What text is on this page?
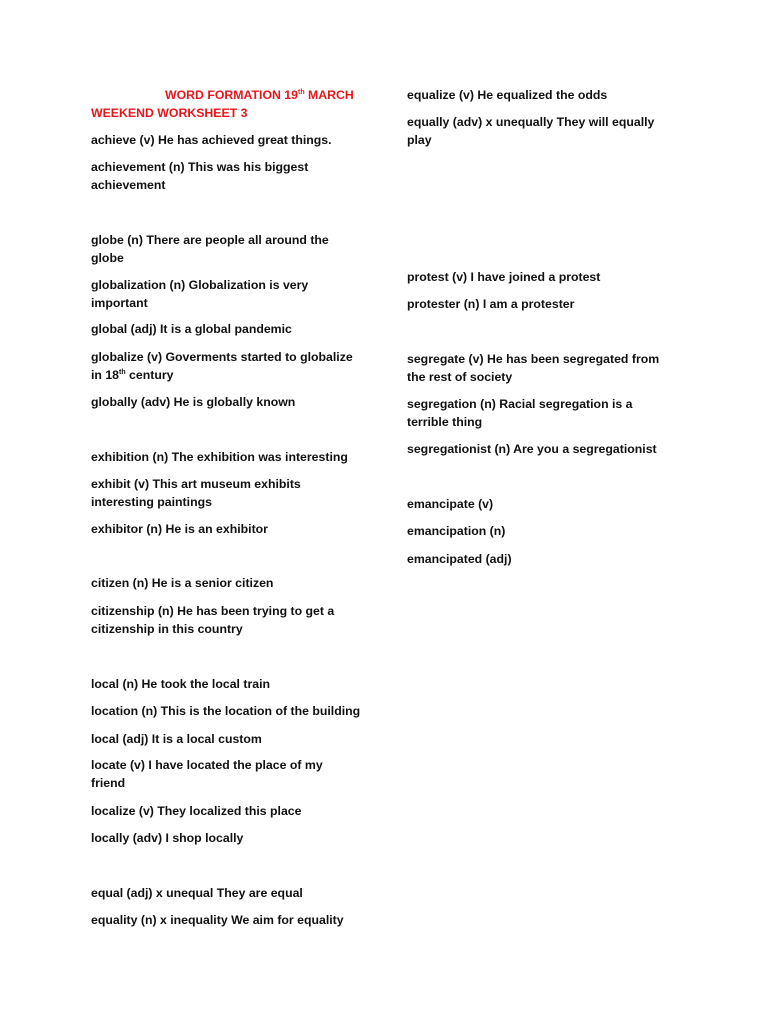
WORD FORMATION 19th MARCH
WEEKEND WORKSHEET 3
achieve (v) He has achieved great things.
achievement (n) This was his biggest achievement
globe (n) There are people all around the globe
globalization (n) Globalization is very important
global (adj) It is a global pandemic
globalize (v) Goverments started to globalize in 18th century
globally (adv) He is globally known
exhibition (n) The exhibition was interesting
exhibit (v) This art museum exhibits interesting paintings
exhibitor (n) He is an exhibitor
citizen (n) He is a senior citizen
citizenship (n) He has been trying to get a citizenship in this country
local (n) He took the local train
location (n) This is the location of the building
local (adj) It is a local custom
locate (v) I have located the place of my friend
localize (v) They localized this place
locally (adv) I shop locally
equal (adj) x unequal They are equal
equality (n) x inequality We aim for equality
equalize (v) He equalized the odds
equally (adv) x unequally They will equally play
protest (v) I have joined a protest
protester (n) I am a protester
segregate (v) He has been segregated from the rest of society
segregation (n) Racial segregation is a terrible thing
segregationist (n) Are you a segregationist
emancipate (v)
emancipation (n)
emancipated (adj)
